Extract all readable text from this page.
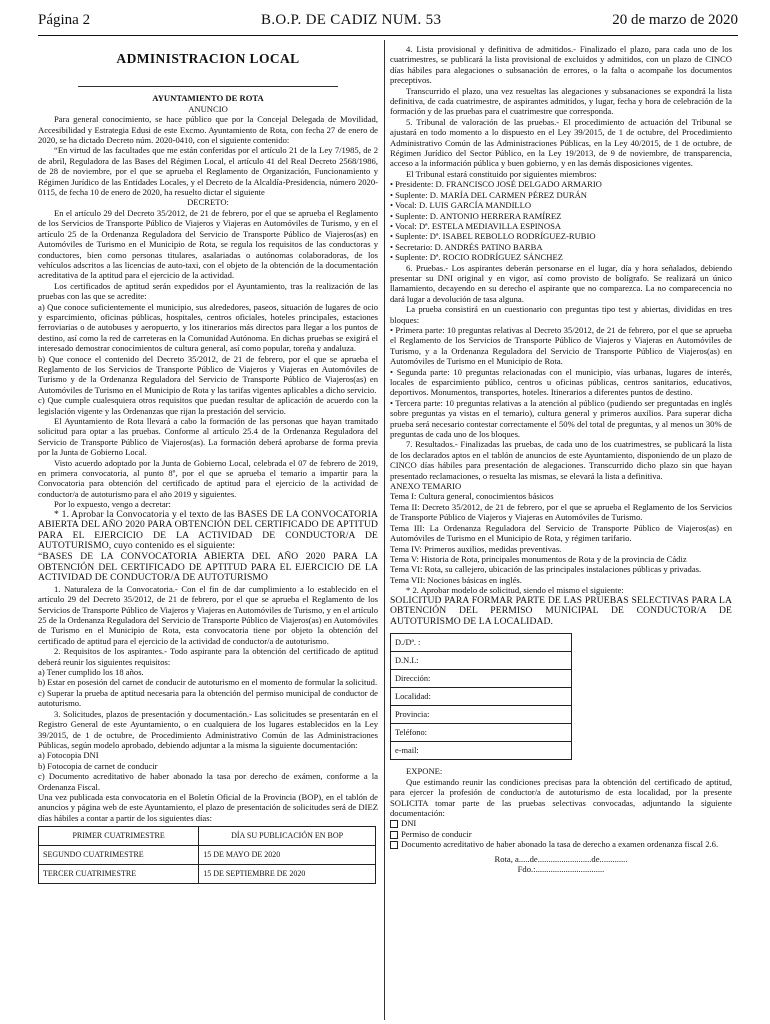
Página 2	B.O.P. DE CADIZ NUM. 53	20 de marzo de 2020
ADMINISTRACION LOCAL

AYUNTAMIENTO DE ROTA

ANUNCIO

Para general conocimiento, se hace público que por la Concejal Delegada de Movilidad, Accesibilidad y Estrategia Edusi de este Excmo. Ayuntamiento de Rota, con fecha 27 de enero de 2020, se ha dictado Decreto núm. 2020-0410, con el siguiente contenido:

“En virtud de las facultades que me están conferidas por el artículo 21 de la Ley 7/1985, de 2 de abril, Reguladora de las Bases del Régimen Local, el artículo 41 del Real Decreto 2568/1986, de 28 de noviembre, por el que se aprueba el Reglamento de Organización, Funcionamiento y Régimen Jurídico de las Entidades Locales, y el Decreto de la Alcaldía-Presidencia, número 2020-0115, de fecha 10 de enero de 2020, ha resuelto dictar el siguiente

DECRETO:

En el artículo 29 del Decreto 35/2012, de 21 de febrero, por el que se aprueba el Reglamento de los Servicios de Transporte Público de Viajeros y Viajeras en Automóviles de Turismo, y en el artículo 25 de la Ordenanza Reguladora del Servicio de Transporte Público de Viajeros(as) en Automóviles de Turismo en el Municipio de Rota, se regula los requisitos de las conductoras y conductores, bien como personas titulares, asalariadas o autónomas colaboradoras, de los vehículos adscritos a las licencias de auto-taxi, con el objeto de la obtención de la documentación acreditativa de la aptitud para el ejercicio de la actividad.

Los certificados de aptitud serán expedidos por el Ayuntamiento, tras la realización de las pruebas con las que se acredite:

a) Que conoce suficientemente el municipio, sus alrededores, paseos, situación de lugares de ocio y esparcimiento, oficinas públicas, hospitales, centros oficiales, hoteles principales, estaciones ferroviarias o de autobuses y aeropuerto, y los itinerarios más directos para llegar a los puntos de destino, así como la red de carreteras en la Comunidad Autónoma. En dichas pruebas se exigirá el interesado demostrar conocimientos de cultura general, así como popular, toreña y andaluza.

b) Que conoce el contenido del Decreto 35/2012, de 21 de febrero, por el que se aprueba el Reglamento de los Servicios de Transporte Público de Viajeros y Viajeras en Automóviles de Turismo y de la Ordenanza Reguladora del Servicio de Transporte Público de Viajeros(as) en Automóviles de Turismo en el Municipio de Rota y las tarifas vigentes aplicables a dicho servicio.

c) Que cumple cualesquiera otros requisitos que puedan resultar de aplicación de acuerdo con la legislación vigente y las Ordenanzas que rijan la prestación del servicio.

El Ayuntamiento de Rota llevará a cabo la formación de las personas que hayan tramitado solicitud para optar a las pruebas. Conforme al artículo 25.4 de la Ordenanza Reguladora del Servicio de Transporte Público de Viajeros(as). La formación deberá aprobarse de forma previa por la Junta de Gobierno Local.

Visto acuerdo adoptado por la Junta de Gobierno Local, celebrada el 07 de febrero de 2019, en primera convocatoria, al punto 8º, por el que se aprueba el temario a impartir para la Convocatoria para obtención del certificado de aptitud para el ejercicio de la actividad de conductor/a de autoturismo para el año 2019 y siguientes.

Por lo expuesto, vengo a decretar:

* 1. Aprobar la Convocatoria y el texto de las BASES DE LA CONVOCATORIA ABIERTA DEL AÑO 2020 PARA OBTENCIÓN DEL CERTIFICADO DE APTITUD PARA EL EJERCICIO DE LA ACTIVIDAD DE CONDUCTOR/A DE AUTOTURISMO, cuyo contenido es el siguiente:

“BASES DE LA CONVOCATORIA ABIERTA DEL AÑO 2020 PARA LA OBTENCIÓN DEL CERTIFICADO DE APTITUD PARA EL EJERCICIO DE LA ACTIVIDAD DE CONDUCTOR/A DE AUTOTURISMO

1. Naturaleza de la Convocatoria.- Con el fin de dar cumplimiento a lo establecido en el artículo 29 del Decreto 35/2012, de 21 de febrero, por el que se aprueba el Reglamento de los Servicios de Transporte Público de Viajeros y Viajeras en Automóviles de Turismo, y en el artículo 25 de la Ordenanza Reguladora del Servicio de Transporte Público de Viajeros(as) en Automóviles de Turismo en el Municipio de Rota, esta convocatoria tiene por objeto la obtención del certificado de aptitud para el ejercicio de la actividad de conductor/a de autoturismo.

2. Requisitos de los aspirantes.- Todo aspirante para la obtención del certificado de aptitud deberá reunir los siguientes requisitos:

a) Tener cumplido los 18 años.

b) Estar en posesión del carnet de conducir de autoturismo en el momento de formular la solicitud.

c) Superar la prueba de aptitud necesaria para la obtención del permiso municipal de conductor de autoturismo.

3. Solicitudes, plazos de presentación y documentación.- Las solicitudes se presentarán en el Registro General de este Ayuntamiento, o en cualquiera de los lugares establecidos en la Ley 39/2015, de 1 de octubre, de Procedimiento Administrativo Común de las Administraciones Públicas, según modelo aprobado, debiendo adjuntar a la misma la siguiente documentación:

a) Fotocopia DNI

b) Fotocopia de carnet de conducir

c) Documento acreditativo de haber abonado la tasa por derecho de exámen, conforme a la Ordenanza Fiscal.

Una vez publicada esta convocatoria en el Boletín Oficial de la Provincia (BOP), en el tablón de anuncios y página web de este Ayuntamiento, el plazo de presentación de solicitudes será de DIEZ días hábiles a contar a partir de los siguientes días:

PRIMER CUATRIMESTRE	DÍA SU PUBLICACIÓN EN BOP
SEGUNDO CUATRIMESTRE	15 DE MAYO DE 2020
TERCER CUATRIMESTRE	15 DE SEPTIEMBRE DE 2020

4. Lista provisional y definitiva de admitidos.- Finalizado el plazo, para cada uno de los cuatrimestres, se publicará la lista provisional de excluidos y admitidos, con un plazo de CINCO días hábiles para alegaciones o subsanación de errores, o la falta o acompañe los documentos preceptivos.

Transcurrido el plazo, una vez resueltas las alegaciones y subsanaciones se expondrá la lista definitiva, de cada cuatrimestre, de aspirantes admitidos, y lugar, fecha y hora de celebración de la formación y de las pruebas para el cuatrimestre que corresponda.

5. Tribunal de valoración de las pruebas.- El procedimiento de actuación del Tribunal se ajustará en todo momento a lo dispuesto en el Ley 39/2015, de 1 de octubre, del Procedimiento Administrativo Común de las Administraciones Públicas, en la Ley 40/2015, de 1 de octubre, de Régimen Jurídico del Sector Público, en la Ley 19/2013, de 9 de noviembre, de transparencia, acceso a la información pública y buen gobierno, y en las demás disposiciones vigentes.

El Tribunal estará constituido por siguientes miembros:

• Presidente: D. FRANCISCO JOSÉ DELGADO ARMARIO

• Suplente: D. MARÍA DEL CARMEN PÉREZ DURÁN

• Vocal: D. LUIS GARCÍA MANDILLO

• Suplente: D. ANTONIO HERRERA RAMÍREZ

• Vocal: Dª. ESTELA MEDIAVILLA ESPINOSA

• Suplente: Dª. ISABEL REBOLLO RODRÍGUEZ-RUBIO

• Secretario: D. ANDRÉS PATINO BARBA

• Suplente: Dª. ROCIO RODRÍGUEZ SÁNCHEZ

6. Pruebas.- Los aspirantes deberán personarse en el lugar, día y hora señalados, debiendo presentar su DNI original y en vigor, así como provisto de bolígrafo. Se realizará un único llamamiento, decayendo en su derecho el aspirante que no comparezca. La no comparecencia no dará lugar a devolución de tasa alguna.

La prueba consistirá en un cuestionario con preguntas tipo test y abiertas, divididas en tres bloques:

• Primera parte: 10 preguntas relativas al Decreto 35/2012, de 21 de febrero, por el que se aprueba el Reglamento de los Servicios de Transporte Público de Viajeros y Viajeras en Automóviles de Turismo, y a la Ordenanza Reguladora del Servicio de Transporte Público de Viajeros(as) en Automóviles de Turismo en el Municipio de Rota.

• Segunda parte: 10 preguntas relacionadas con el municipio, vías urbanas, lugares de interés, locales de esparcimiento público, centros u oficinas públicas, centros sanitarios, educativos, deportivos. Monumentos, transportes, hoteles. Itinerarios a diferentes puntos de destino.

• Tercera parte: 10 preguntas relativas a la atención al público (pudiendo ser preguntadas en inglés sobre preguntas ya vistas en el temario), cultura general y primeros auxilios. Para superar dicha prueba será necesario contestar correctamente el 50% del total de preguntas, y al menos un 30% de preguntas de cada uno de los bloques.

7. Resultados.- Finalizadas las pruebas, de cada uno de los cuatrimestres, se publicará la lista de los declarados aptos en el tablón de anuncios de este Ayuntamiento, disponiendo de un plazo de CINCO días hábiles para presentación de alegaciones. Transcurrido dicho plazo sin que hayan presentado reclamaciones, o resuelta las mismas, se elevará la lista a definitiva.

ANEXO TEMARIO

Tema I: Cultura general, conocimientos básicos

Tema II: Decreto 35/2012, de 21 de febrero, por el que se aprueba el Reglamento de los Servicios de Transporte Público de Viajeros y Viajeras en Automóviles de Turismo.

Tema III: La Ordenanza Reguladora del Servicio de Transporte Público de Viajeros(as) en Automóviles de Turismo en el Municipio de Rota, y régimen tarifario.

Tema IV: Primeros auxilios, medidas preventivas.

Tema V: Historia de Rota, principales monumentos de Rota y de la provincia de Cádiz

Tema VI: Rota, su callejero, ubicación de las principales instalaciones públicas y privadas.

Tema VII: Nociones básicas en inglés.

* 2. Aprobar modelo de solicitud, siendo el mismo el siguiente:

SOLICITUD PARA FORMAR PARTE DE LAS PRUEBAS SELECTIVAS PARA LA OBTENCIÓN DEL PERMISO MUNICIPAL DE CONDUCTOR/A DE AUTOTURISMO DE LA LOCALIDAD.

D./Dª. :
D.N.I.:
Dirección:
Localidad:
Provincia:
Teléfono:
e-mail:

EXPONE:

Que estimando reunir las condiciones precisas para la obtención del certificado de aptitud, para ejercer la profesión de conductor/a de autoturismo de esta localidad, por la presente SOLICITA tomar parte de las pruebas selectivas convocadas, adjuntando la siguiente documentación:

DNI

Permiso de conducir

Documento acreditativo de haber abonado la tasa de derecho a examen ordenanza fiscal 2.6.

Rota, a.....de.........................de.............

Fdo.:................................
